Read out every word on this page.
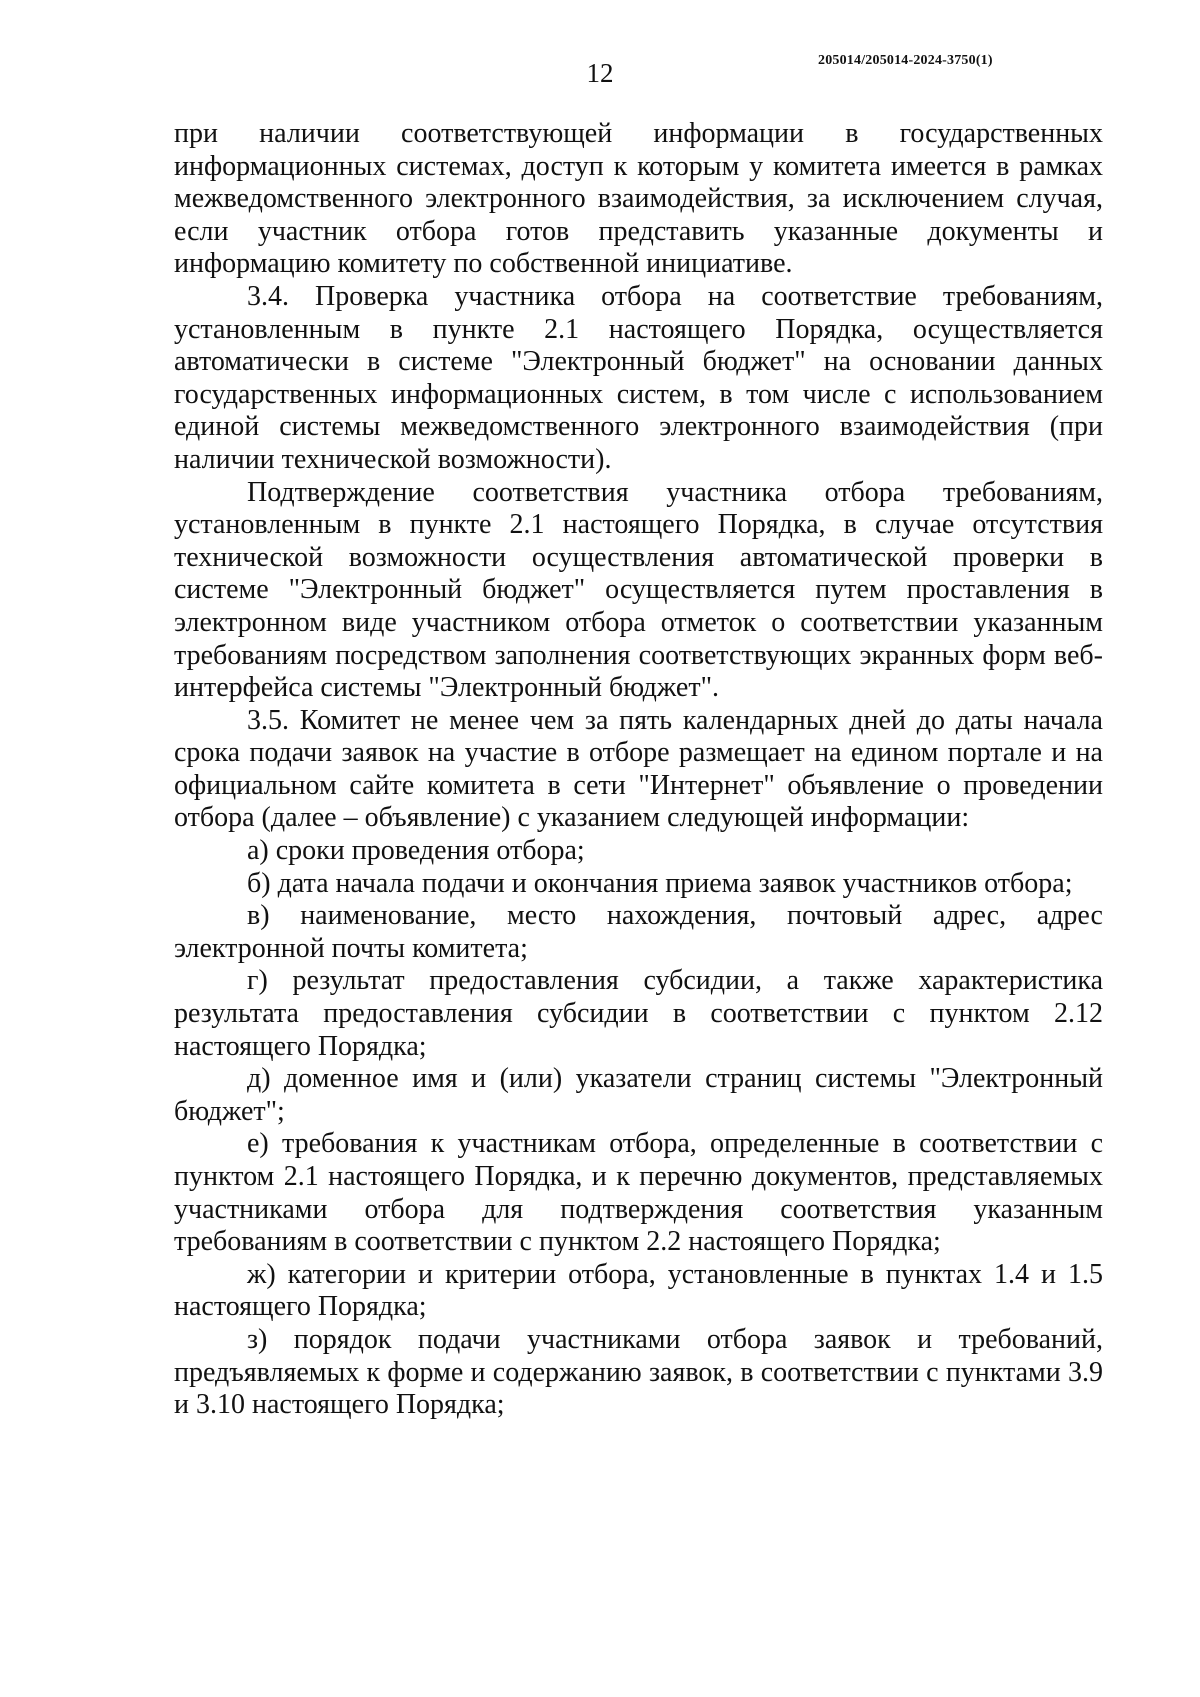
12	205014/205014-2024-3750(1)

при наличии соответствующей информации в государственных информационных системах, доступ к которым у комитета имеется в рамках межведомственного электронного взаимодействия, за исключением случая, если участник отбора готов представить указанные документы и информацию комитету по собственной инициативе.

3.4. Проверка участника отбора на соответствие требованиям, установленным в пункте 2.1 настоящего Порядка, осуществляется автоматически в системе "Электронный бюджет" на основании данных государственных информационных систем, в том числе с использованием единой системы межведомственного электронного взаимодействия (при наличии технической возможности).

Подтверждение соответствия участника отбора требованиям, установленным в пункте 2.1 настоящего Порядка, в случае отсутствия технической возможности осуществления автоматической проверки в системе "Электронный бюджет" осуществляется путем проставления в электронном виде участником отбора отметок о соответствии указанным требованиям посредством заполнения соответствующих экранных форм веб-интерфейса системы "Электронный бюджет".

3.5. Комитет не менее чем за пять календарных дней до даты начала срока подачи заявок на участие в отборе размещает на едином портале и на официальном сайте комитета в сети "Интернет" объявление о проведении отбора (далее – объявление) с указанием следующей информации:

а) сроки проведения отбора;

б) дата начала подачи и окончания приема заявок участников отбора;

в) наименование, место нахождения, почтовый адрес, адрес электронной почты комитета;

г) результат предоставления субсидии, а также характеристика результата предоставления субсидии в соответствии с пунктом 2.12 настоящего Порядка;

д) доменное имя и (или) указатели страниц системы "Электронный бюджет";

е) требования к участникам отбора, определенные в соответствии с пунктом 2.1 настоящего Порядка, и к перечню документов, представляемых участниками отбора для подтверждения соответствия указанным требованиям в соответствии с пунктом 2.2 настоящего Порядка;

ж) категории и критерии отбора, установленные в пунктах 1.4 и 1.5 настоящего Порядка;

з) порядок подачи участниками отбора заявок и требований, предъявляемых к форме и содержанию заявок, в соответствии с пунктами 3.9 и 3.10 настоящего Порядка;
